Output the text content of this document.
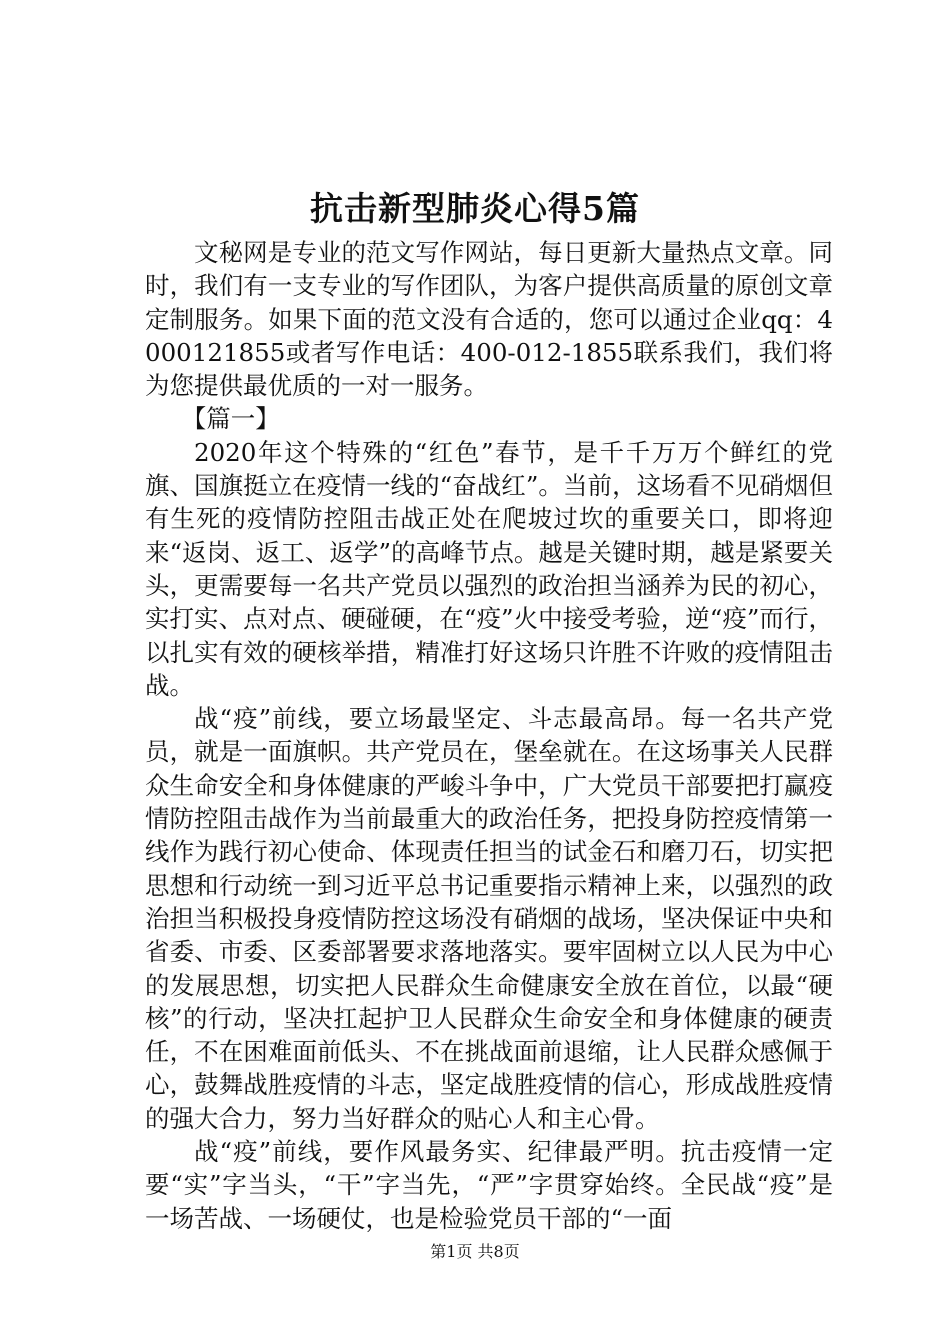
抗击新型肺炎心得5篇

文秘网是专业的范文写作网站，每日更新大量热点文章。同时，我们有一支专业的写作团队，为客户提供高质量的原创文章定制服务。如果下面的范文没有合适的，您可以通过企业qq：4000121855或者写作电话：400-012-1855联系我们，我们将为您提供最优质的一对一服务。

【篇一】

2020年这个特殊的“红色”春节，是千千万万个鲜红的党旗、国旗挺立在疫情一线的“奋战红”。当前，这场看不见硝烟但有生死的疫情防控阻击战正处在爬坡过坎的重要关口，即将迎来“返岗、返工、返学”的高峰节点。越是关键时期，越是紧要关头，更需要每一名共产党员以强烈的政治担当涵养为民的初心，实打实、点对点、硬碰硬，在“疫”火中接受考验，逆“疫”而行，以扎实有效的硬核举措，精准打好这场只许胜不许败的疫情阻击战。

战“疫”前线，要立场最坚定、斗志最高昂。每一名共产党员，就是一面旗帜。共产党员在，堡垒就在。在这场事关人民群众生命安全和身体健康的严峻斗争中，广大党员干部要把打赢疫情防控阻击战作为当前最重大的政治任务，把投身防控疫情第一线作为践行初心使命、体现责任担当的试金石和磨刀石，切实把思想和行动统一到习近平总书记重要指示精神上来，以强烈的政治担当积极投身疫情防控这场没有硝烟的战场，坚决保证中央和省委、市委、区委部署要求落地落实。要牢固树立以人民为中心的发展思想，切实把人民群众生命健康安全放在首位，以最“硬核”的行动，坚决扛起护卫人民群众生命安全和身体健康的硬责任，不在困难面前低头、不在挑战面前退缩，让人民群众感佩于心，鼓舞战胜疫情的斗志，坚定战胜疫情的信心，形成战胜疫情的强大合力，努力当好群众的贴心人和主心骨。

战“疫”前线，要作风最务实、纪律最严明。抗击疫情一定要“实”字当头，“干”字当先，“严”字贯穿始终。全民战“疫”是一场苦战、一场硬仗，也是检验党员干部的“一面

第1页 共8页
